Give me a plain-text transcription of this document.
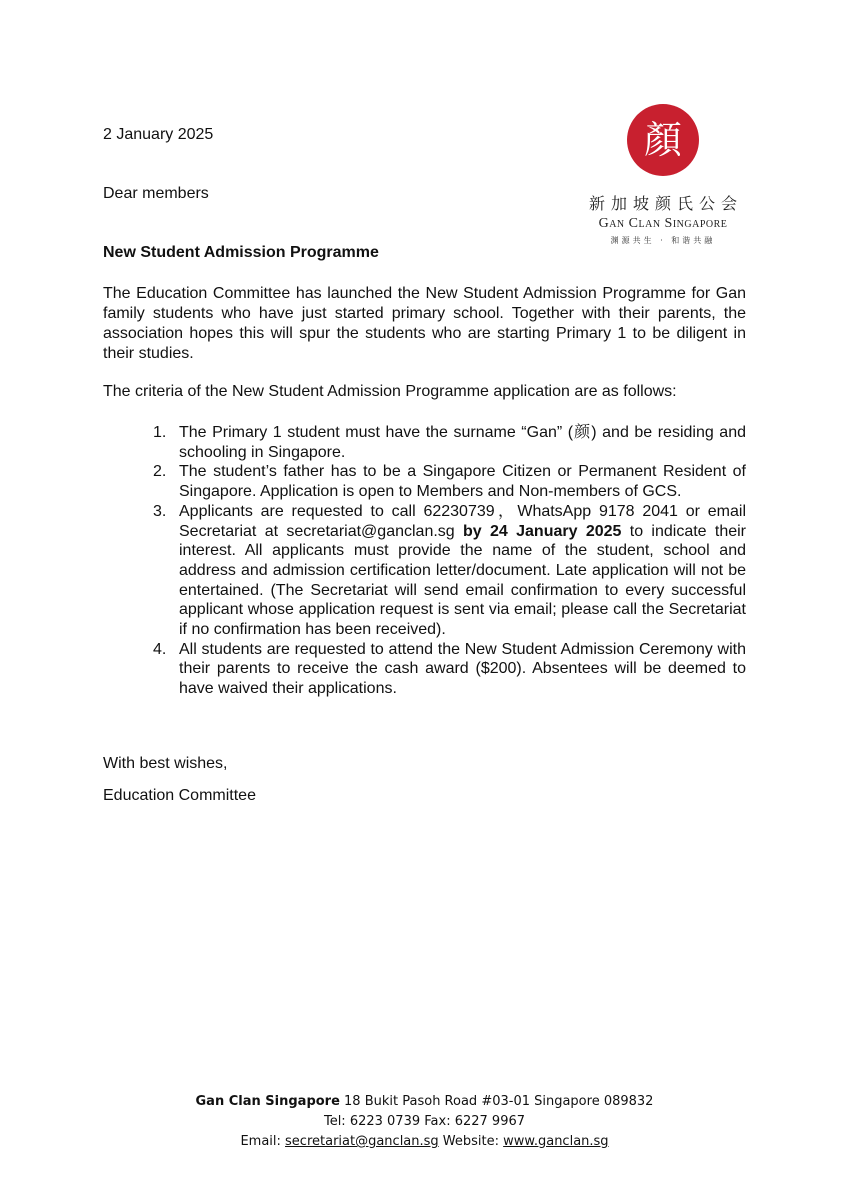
2 January 2025
Dear members
顏
新加坡颜氏公会
Gan Clan Singapore
渊源共生 · 和谐共融
New Student Admission Programme

The Education Committee has launched the New Student Admission Programme for Gan family students who have just started primary school. Together with their parents, the association hopes this will spur the students who are starting Primary 1 to be diligent in their studies.

The criteria of the New Student Admission Programme application are as follows:

1. The Primary 1 student must have the surname “Gan” (颜) and be residing and schooling in Singapore.
2. The student’s father has to be a Singapore Citizen or Permanent Resident of Singapore. Application is open to Members and Non-members of GCS.
3. Applicants are requested to call 62230739，WhatsApp 9178 2041 or email Secretariat at secretariat@ganclan.sg by 24 January 2025 to indicate their interest. All applicants must provide the name of the student, school and address and admission certification letter/document. Late application will not be entertained. (The Secretariat will send email confirmation to every successful applicant whose application request is sent via email; please call the Secretariat if no confirmation has been received).
4. All students are requested to attend the New Student Admission Ceremony with their parents to receive the cash award ($200). Absentees will be deemed to have waived their applications.
With best wishes,
Education Committee
Gan Clan Singapore 18 Bukit Pasoh Road #03-01 Singapore 089832
Tel: 6223 0739 Fax: 6227 9967
Email: secretariat@ganclan.sg Website: www.ganclan.sg
